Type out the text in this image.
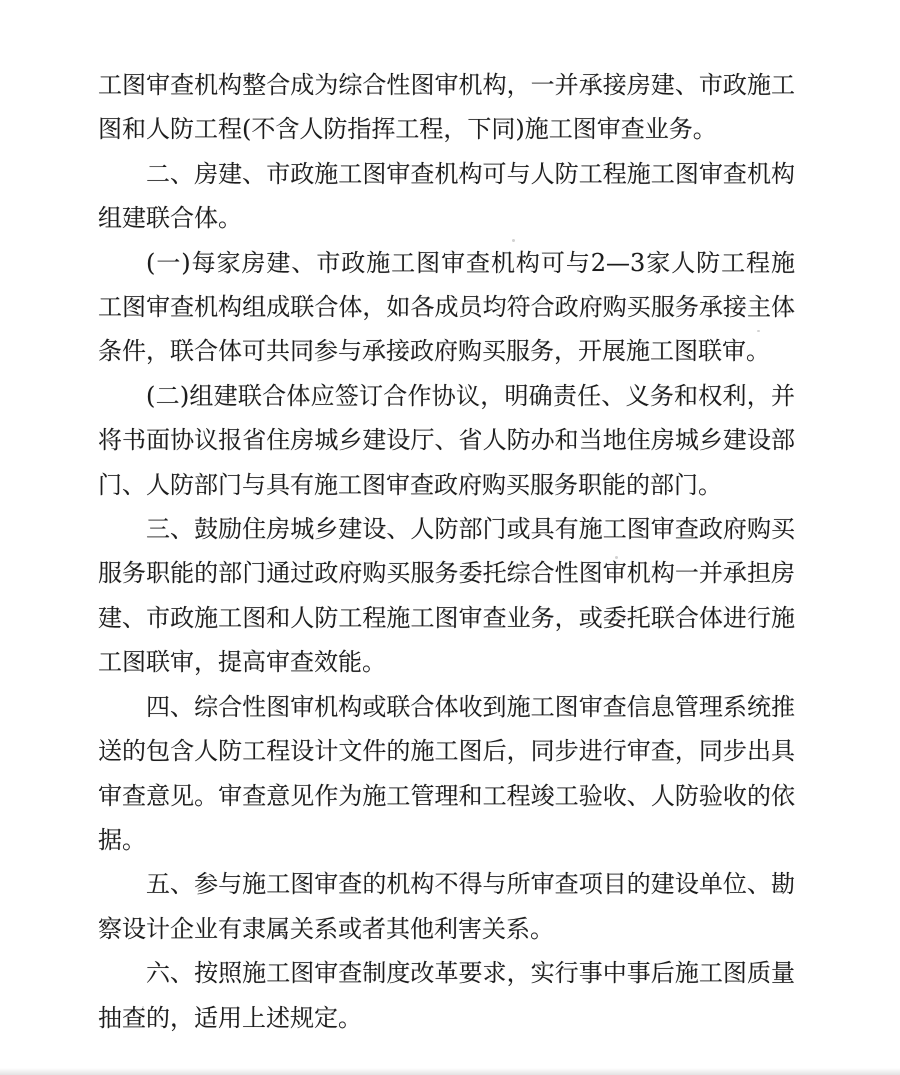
工图审查机构整合成为综合性图审机构，一并承接房建、市政施工图和人防工程(不含人防指挥工程，下同)施工图审查业务。

二、房建、市政施工图审查机构可与人防工程施工图审查机构组建联合体。

(一)每家房建、市政施工图审查机构可与2—3家人防工程施工图审查机构组成联合体，如各成员均符合政府购买服务承接主体条件，联合体可共同参与承接政府购买服务，开展施工图联审。

(二)组建联合体应签订合作协议，明确责任、义务和权利，并将书面协议报省住房城乡建设厅、省人防办和当地住房城乡建设部门、人防部门与具有施工图审查政府购买服务职能的部门。

三、鼓励住房城乡建设、人防部门或具有施工图审查政府购买服务职能的部门通过政府购买服务委托综合性图审机构一并承担房建、市政施工图和人防工程施工图审查业务，或委托联合体进行施工图联审，提高审查效能。

四、综合性图审机构或联合体收到施工图审查信息管理系统推送的包含人防工程设计文件的施工图后，同步进行审查，同步出具审查意见。审查意见作为施工管理和工程竣工验收、人防验收的依据。

五、参与施工图审查的机构不得与所审查项目的建设单位、勘察设计企业有隶属关系或者其他利害关系。

六、按照施工图审查制度改革要求，实行事中事后施工图质量抽查的，适用上述规定。
